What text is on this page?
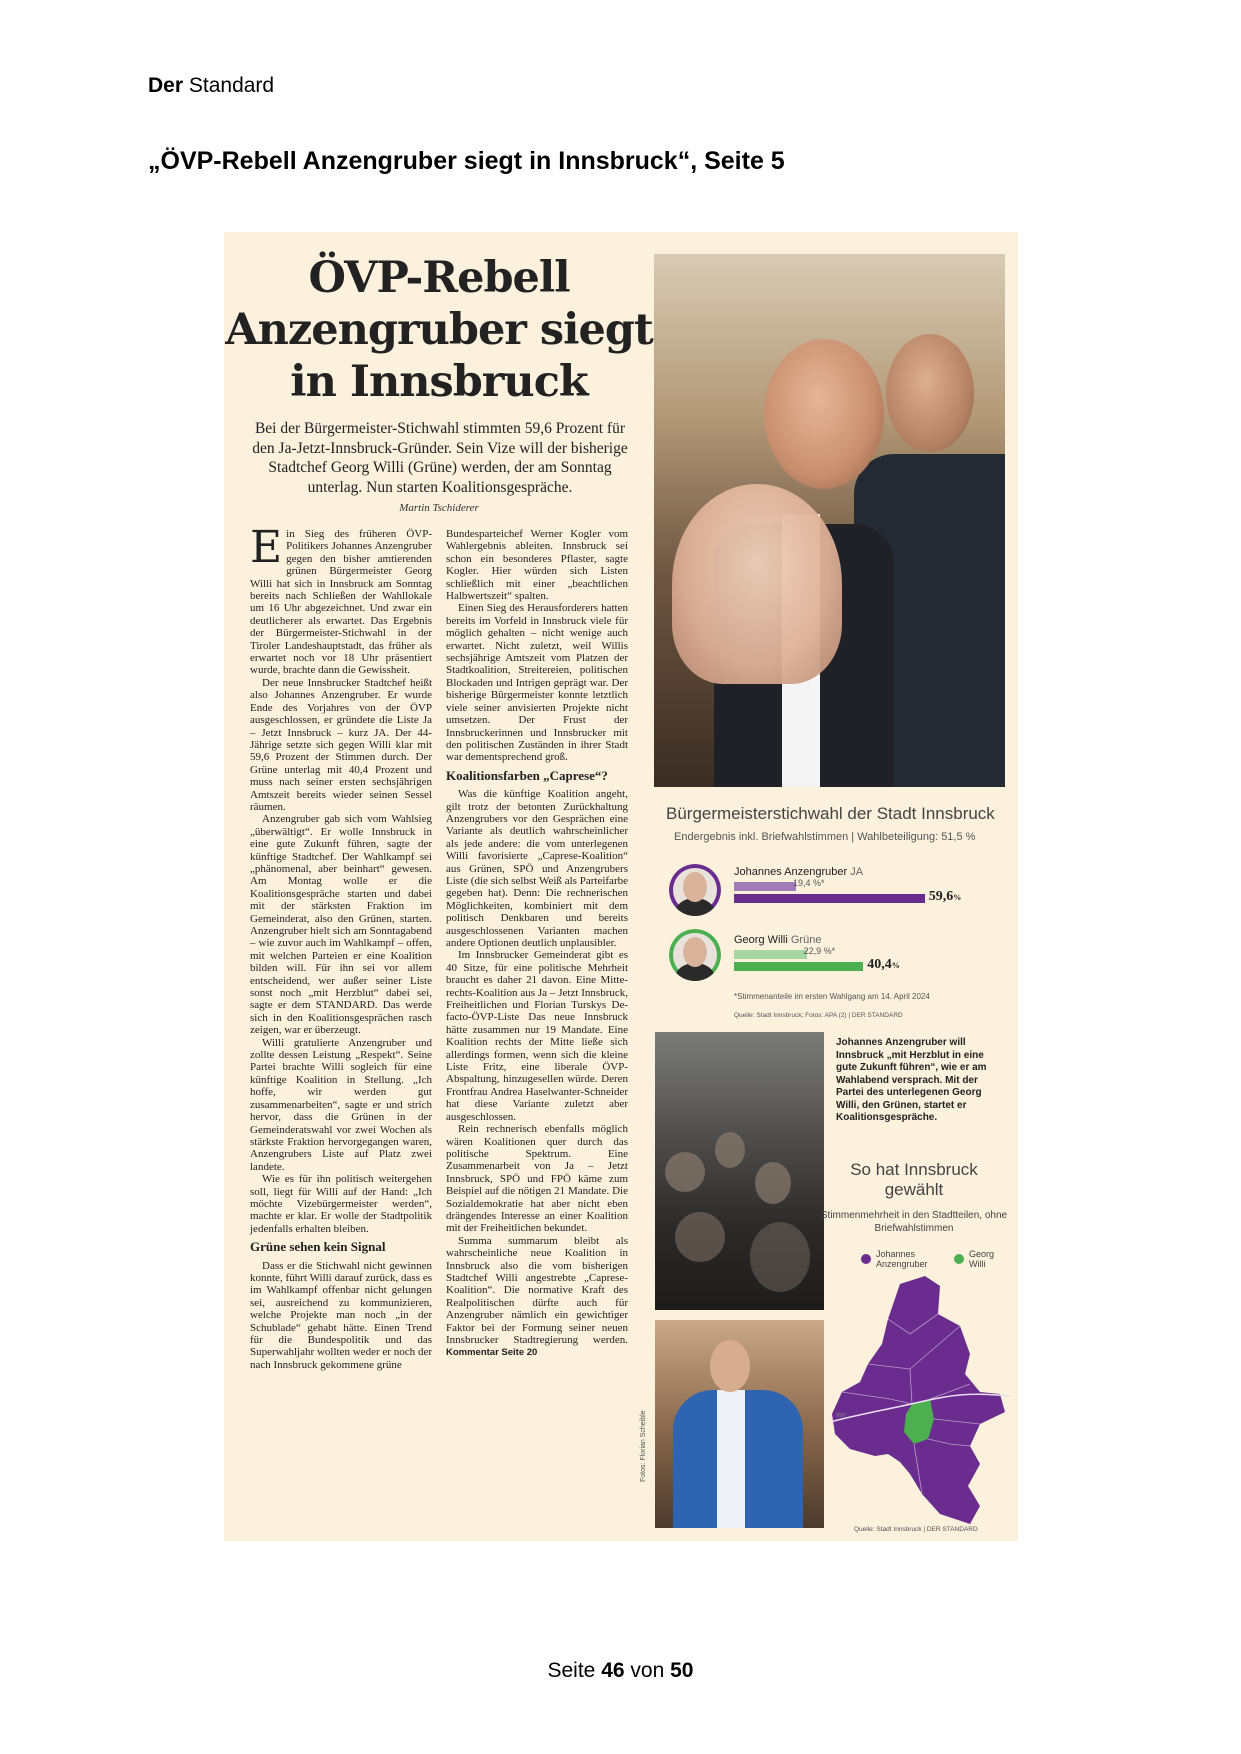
Der Standard
„ÖVP-Rebell Anzengruber siegt in Innsbruck“, Seite 5
ÖVP-Rebell
Anzengruber siegt
in Innsbruck
Bei der Bürgermeister-Stichwahl stimmten 59,6 Prozent für den Ja-Jetzt-Innsbruck-Gründer. Sein Vize will der bisherige Stadtchef Georg Willi (Grüne) werden, der am Sonntag unterlag. Nun starten Koalitionsgespräche.
Martin Tschiderer

Ein Sieg des früheren ÖVP-Politikers Johannes Anzengruber gegen den bisher amtierenden grünen Bürgermeister Georg Willi hat sich in Innsbruck am Sonntag bereits nach Schließen der Wahllokale um 16 Uhr abgezeichnet. Und zwar ein deutlicherer als erwartet. Das Ergebnis der Bürgermeister-Stichwahl in der Tiroler Landeshauptstadt, das früher als erwartet noch vor 18 Uhr präsentiert wurde, brachte dann die Gewissheit.

Der neue Innsbrucker Stadtchef heißt also Johannes Anzengruber. Er wurde Ende des Vorjahres von der ÖVP ausgeschlossen, er gründete die Liste Ja – Jetzt Innsbruck – kurz JA. Der 44-Jährige setzte sich gegen Willi klar mit 59,6 Prozent der Stimmen durch. Der Grüne unterlag mit 40,4 Prozent und muss nach seiner ersten sechsjährigen Amtszeit bereits wieder seinen Sessel räumen.

Anzengruber gab sich vom Wahlsieg „überwältigt“. Er wolle Innsbruck in eine gute Zukunft führen, sagte der künftige Stadtchef. Der Wahlkampf sei „phänomenal, aber beinhart“ gewesen. Am Montag wolle er die Koalitionsgespräche starten und dabei mit der stärksten Fraktion im Gemeinderat, also den Grünen, starten. Anzengruber hielt sich am Sonntagabend – wie zuvor auch im Wahlkampf – offen, mit welchen Parteien er eine Koalition bilden will. Für ihn sei vor allem entscheidend, wer außer seiner Liste sonst noch „mit Herzblut“ dabei sei, sagte er dem STANDARD. Das werde sich in den Koalitionsgesprächen rasch zeigen, war er überzeugt.

Willi gratulierte Anzengruber und zollte dessen Leistung „Respekt“. Seine Partei brachte Willi sogleich für eine künftige Koalition in Stellung. „Ich hoffe, wir werden gut zusammenarbeiten“, sagte er und strich hervor, dass die Grünen in der Gemeinderatswahl vor zwei Wochen als stärkste Fraktion hervorgegangen waren, Anzengrubers Liste auf Platz zwei landete.

Wie es für ihn politisch weitergehen soll, liegt für Willi auf der Hand: „Ich möchte Vizebürgermeister werden“, machte er klar. Er wolle der Stadtpolitik jedenfalls erhalten bleiben.

Grüne sehen kein Signal

Dass er die Stichwahl nicht gewinnen konnte, führt Willi darauf zurück, dass es im Wahlkampf offenbar nicht gelungen sei, ausreichend zu kommunizieren, welche Projekte man noch „in der Schublade“ gehabt hätte. Einen Trend für die Bundespolitik und das Superwahljahr wollten weder er noch der nach Innsbruck gekommene grüne

Bundesparteichef Werner Kogler vom Wahlergebnis ableiten. Innsbruck sei schon ein besonderes Pflaster, sagte Kogler. Hier würden sich Listen schließlich mit einer „beachtlichen Halbwertszeit“ spalten.

Einen Sieg des Herausforderers hatten bereits im Vorfeld in Innsbruck viele für möglich gehalten – nicht wenige auch erwartet. Nicht zuletzt, weil Willis sechsjährige Amtszeit vom Platzen der Stadtkoalition, Streitereien, politischen Blockaden und Intrigen geprägt war. Der bisherige Bürgermeister konnte letztlich viele seiner anvisierten Projekte nicht umsetzen. Der Frust der Innsbruckerinnen und Innsbrucker mit den politischen Zuständen in ihrer Stadt war dementsprechend groß.

Koalitionsfarben „Caprese“?

Was die künftige Koalition angeht, gilt trotz der betonten Zurückhaltung Anzengrubers vor den Gesprächen eine Variante als deutlich wahrscheinlicher als jede andere: die vom unterlegenen Willi favorisierte „Caprese-Koalition“ aus Grünen, SPÖ und Anzengrubers Liste (die sich selbst Weiß als Parteifarbe gegeben hat). Denn: Die rechnerischen Möglichkeiten, kombiniert mit dem politisch Denkbaren und bereits ausgeschlossenen Varianten machen andere Optionen deutlich unplausibler.

Im Innsbrucker Gemeinderat gibt es 40 Sitze, für eine politische Mehrheit braucht es daher 21 davon. Eine Mitte-rechts-Koalition aus Ja – Jetzt Innsbruck, Freiheitlichen und Florian Turskys De-facto-ÖVP-Liste Das neue Innsbruck hätte zusammen nur 19 Mandate. Eine Koalition rechts der Mitte ließe sich allerdings formen, wenn sich die kleine Liste Fritz, eine liberale ÖVP-Abspaltung, hinzugesellen würde. Deren Frontfrau Andrea Haselwanter-Schneider hat diese Variante zuletzt aber ausgeschlossen.

Rein rechnerisch ebenfalls möglich wären Koalitionen quer durch das politische Spektrum. Eine Zusammenarbeit von Ja – Jetzt Innsbruck, SPÖ und FPÖ käme zum Beispiel auf die nötigen 21 Mandate. Die Sozialdemokratie hat aber nicht eben drängendes Interesse an einer Koalition mit der Freiheitlichen bekundet.

Summa summarum bleibt als wahrscheinliche neue Koalition in Innsbruck also die vom bisherigen Stadtchef Willi angestrebte „Caprese-Koalition“. Die normative Kraft des Realpolitischen dürfte auch für Anzengruber nämlich ein gewichtiger Faktor bei der Formung seiner neuen Innsbrucker Stadtregierung werden. Kommentar Seite 20

Bürgermeisterstichwahl der Stadt Innsbruck
Endergebnis inkl. Briefwahlstimmen | Wahlbeteiligung: 51,5 %
Johannes Anzengruber JA
19,4 %*
59,6%
Georg Willi Grüne
22,9 %*
40,4%
*Stimmenanteile im ersten Wahlgang am 14. April 2024
Quelle: Stadt Innsbruck; Fotos: APA (2) | DER STANDARD
Fotos: Florian Scheible
Johannes Anzengruber will Innsbruck „mit Herzblut in eine gute Zukunft führen“, wie er am Wahlabend versprach. Mit der Partei des unterlegenen Georg Willi, den Grünen, startet er Koalitionsgespräche.
So hat Innsbruck gewählt
Stimmenmehrheit in den Stadtteilen, ohne Briefwahlstimmen
Johannes Anzengruber
Georg Willi
Inn
Quelle: Stadt Innsbruck | DER STANDARD
Seite 46 von 50
